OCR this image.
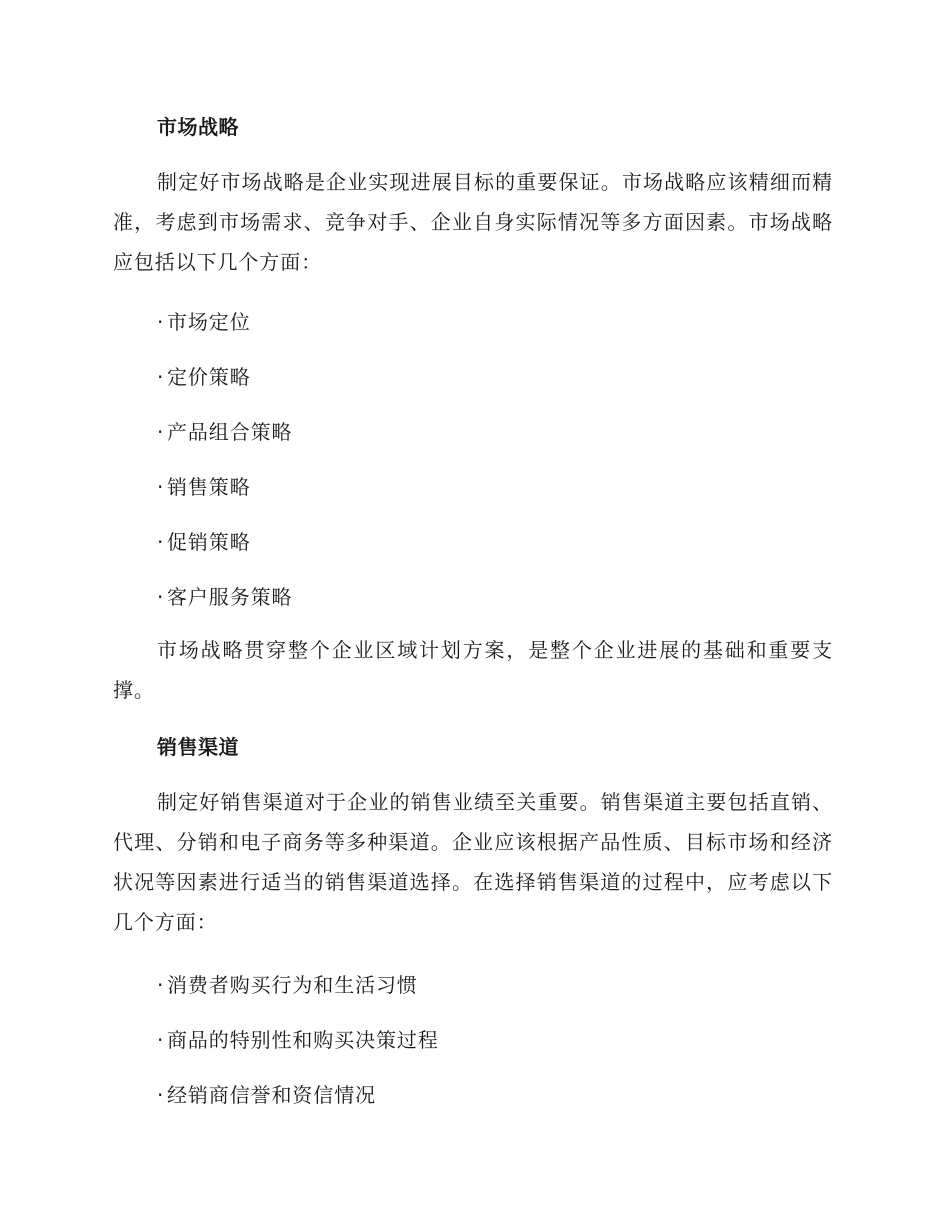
市场战略

制定好市场战略是企业实现进展目标的重要保证。市场战略应该精细而精准，考虑到市场需求、竞争对手、企业自身实际情况等多方面因素。市场战略应包括以下几个方面：

· 市场定位
· 定价策略
· 产品组合策略
· 销售策略
· 促销策略
· 客户服务策略

市场战略贯穿整个企业区域计划方案，是整个企业进展的基础和重要支撑。

销售渠道

制定好销售渠道对于企业的销售业绩至关重要。销售渠道主要包括直销、代理、分销和电子商务等多种渠道。企业应该根据产品性质、目标市场和经济状况等因素进行适当的销售渠道选择。在选择销售渠道的过程中，应考虑以下几个方面：

· 消费者购买行为和生活习惯
· 商品的特别性和购买决策过程
· 经销商信誉和资信情况
